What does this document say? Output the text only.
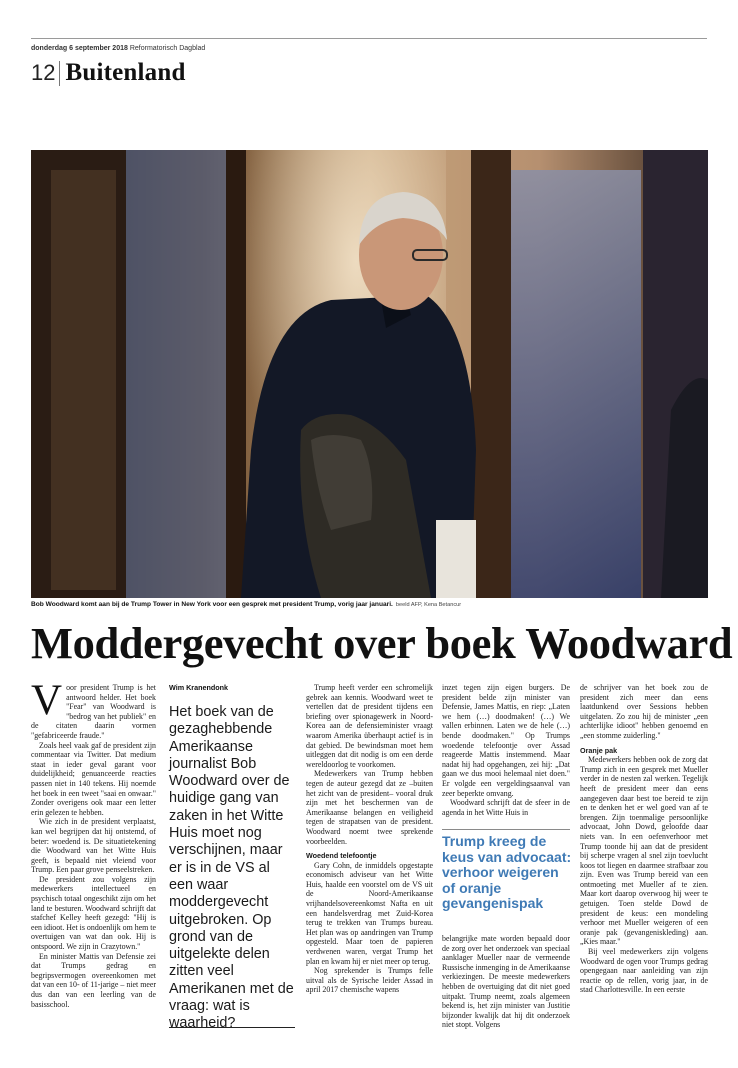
donderdag 6 september 2018 Reformatorisch Dagblad
12 Buitenland
Bob Woodward komt aan bij de Trump Tower in New York voor een gesprek met president Trump, vorig jaar januari. beeld AFP, Kena Betancur
Moddergevecht over boek Woodward
V oor president Trump is het antwoord helder. Het boek "Fear" van Woodward is "bedrog van het publiek" en de citaten daarin vormen "gefabriceerde fraude."

Zoals heel vaak gaf de president zijn commentaar via Twitter. Dat medium staat in ieder geval garant voor duidelijkheid; genuanceerde reacties passen niet in 140 tekens. Hij noemde het boek in een tweet "saai en onwaar." Zonder overigens ook maar een letter erin gelezen te hebben.

Wie zich in de president verplaatst, kan wel begrijpen dat hij ontstemd, of beter: woedend is. De situatietekening die Woodward van het Witte Huis geeft, is bepaald niet vleiend voor Trump. Een paar grove penseelstreken.

De president zou volgens zijn medewerkers intellectueel en psychisch totaal ongeschikt zijn om het land te besturen. Woodward schrijft dat stafchef Kelley heeft gezegd: "Hij is een idioot. Het is ondoenlijk om hem te overtuigen van wat dan ook. Hij is ontspoord. We zijn in Crazytown."

En minister Mattis van Defensie zei dat Trumps gedrag en begripsvermogen overeenkomen met dat van een 10- of 11-jarige – niet meer dus dan van een leerling van de basisschool.

Wim Kranendonk
Het boek van de gezaghebbende Amerikaanse journalist Bob Woodward over de huidige gang van zaken in het Witte Huis moet nog verschijnen, maar er is in de VS al een waar moddergevecht uitgebroken. Op grond van de uitgelekte delen zitten veel Amerikanen met de vraag: wat is waarheid?

Trump heeft verder een schromelijk gebrek aan kennis. Woodward weet te vertellen dat de president tijdens een briefing over spionagewerk in Noord-Korea aan de defensieminister vraagt waarom Amerika überhaupt actief is in dat gebied. De bewindsman moet hem uitleggen dat dit nodig is om een derde wereldoorlog te voorkomen.

Medewerkers van Trump hebben tegen de auteur gezegd dat ze –buiten het zicht van de president– vooral druk zijn met het beschermen van de Amerikaanse belangen en veiligheid tegen de strapatsen van de president. Woodward noemt twee sprekende voorbeelden.

Woedend telefoontje

Gary Cohn, de inmiddels opgestapte economisch adviseur van het Witte Huis, haalde een voorstel om de VS uit de Noord-Amerikaanse vrijhandelsovereenkomst Nafta en uit een handelsverdrag met Zuid-Korea terug te trekken van Trumps bureau. Het plan was op aandringen van Trump opgesteld. Maar toen de papieren verdwenen waren, vergat Trump het plan en kwam hij er niet meer op terug.

Nog sprekender is Trumps felle uitval als de Syrische leider Assad in april 2017 chemische wapens

inzet tegen zijn eigen burgers. De president belde zijn minister van Defensie, James Mattis, en riep: „Laten we hem (…) doodmaken! (…) We vallen erbinnen. Laten we de hele (…) bende doodmaken." Op Trumps woedende telefoontje over Assad reageerde Mattis instemmend. Maar nadat hij had opgehangen, zei hij: „Dat gaan we dus mooi helemaal niet doen." Er volgde een vergeldingsaanval van zeer beperkte omvang.

Woodward schrijft dat de sfeer in de agenda in het Witte Huis in

Trump kreeg de keus van advocaat: verhoor weigeren of oranje gevangenispak

belangrijke mate worden bepaald door de zorg over het onderzoek van speciaal aanklager Mueller naar de vermeende Russische inmenging in de Amerikaanse verkiezingen. De meeste medewerkers hebben de overtuiging dat dit niet goed uitpakt. Trump neemt, zoals algemeen bekend is, het zijn minister van Justitie bijzonder kwalijk dat hij dit onderzoek niet stopt. Volgens

de schrijver van het boek zou de president zich meer dan eens laatdunkend over Sessions hebben uitgelaten. Zo zou hij de minister „een achterlijke idioot" hebben genoemd en „een stomme zuiderling."

Oranje pak

Medewerkers hebben ook de zorg dat Trump zich in een gesprek met Mueller verder in de nesten zal werken. Tegelijk heeft de president meer dan eens aangegeven daar best toe bereid te zijn en te denken het er wel goed van af te brengen. Zijn toenmalige persoonlijke advocaat, John Dowd, geloofde daar niets van. In een oefenverhoor met Trump toonde hij aan dat de president bij scherpe vragen al snel zijn toevlucht koos tot liegen en daarmee strafbaar zou zijn. Even was Trump bereid van een ontmoeting met Mueller af te zien. Maar kort daarop overwoog hij weer te getuigen. Toen stelde Dowd de president de keus: een mondeling verhoor met Mueller weigeren of een oranje pak (gevangeniskleding) aan. „Kies maar."

Bij veel medewerkers zijn volgens Woodward de ogen voor Trumps gedrag opengegaan naar aanleiding van zijn reactie op de rellen, vorig jaar, in de stad Charlottesville. In een eerste
